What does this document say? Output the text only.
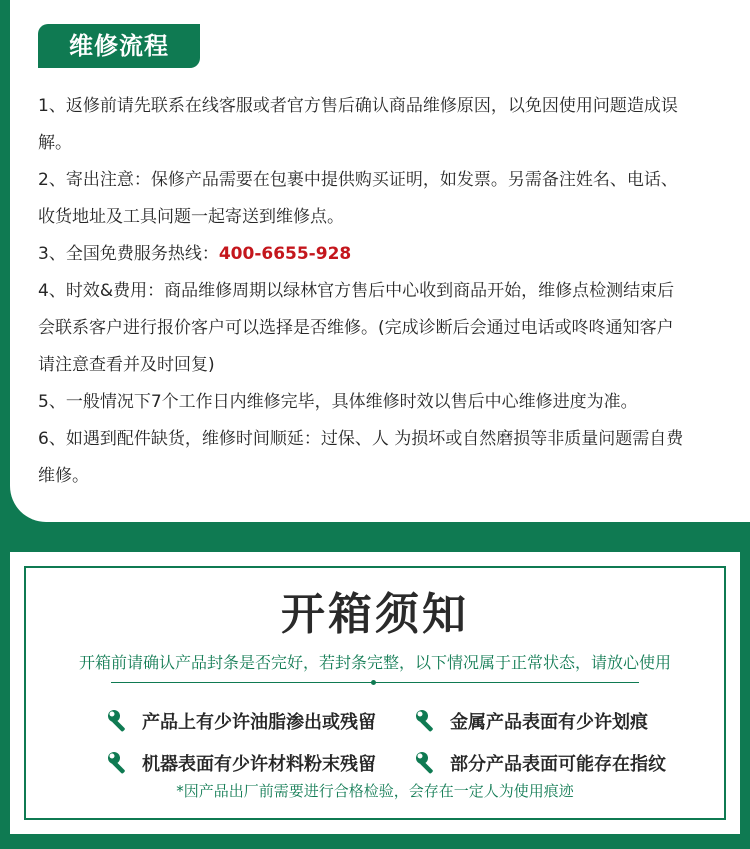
维修流程

1、返修前请先联系在线客服或者官方售后确认商品维修原因，以免因使用问题造成误

解。

2、寄出注意：保修产品需要在包裹中提供购买证明，如发票。另需备注姓名、电话、

收货地址及工具问题一起寄送到维修点。

3、全国免费服务热线：400-6655-928

4、时效&费用：商品维修周期以绿林官方售后中心收到商品开始，维修点检测结束后

会联系客户进行报价客户可以选择是否维修。(完成诊断后会通过电话或咚咚通知客户

请注意查看并及时回复)

5、一般情况下7个工作日内维修完毕，具体维修时效以售后中心维修进度为准。

6、如遇到配件缺货，维修时间顺延：过保、人 为损坏或自然磨损等非质量问题需自费

维修。

开箱须知
开箱前请确认产品封条是否完好，若封条完整，以下情况属于正常状态，请放心使用
产品上有少许油脂渗出或残留	金属产品表面有少许划痕
机器表面有少许材料粉末残留	部分产品表面可能存在指纹
*因产品出厂前需要进行合格检验，会存在一定人为使用痕迹
